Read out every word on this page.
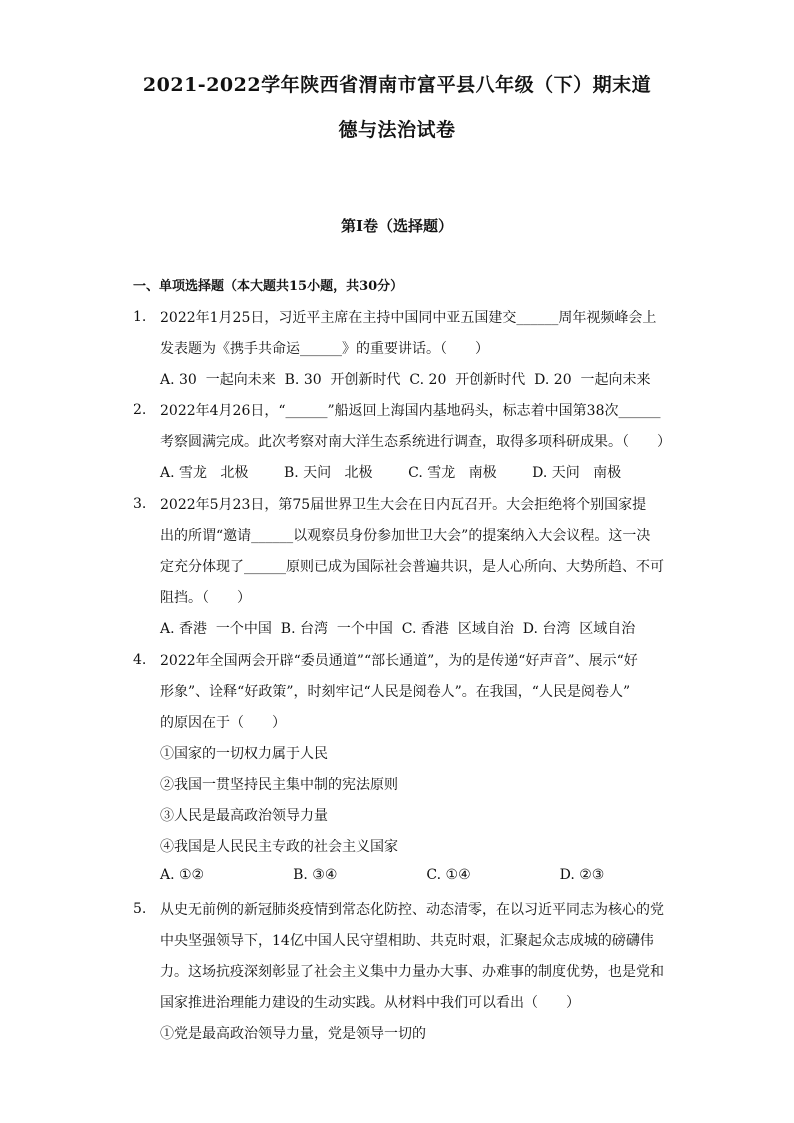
2021-2022学年陕西省渭南市富平县八年级（下）期末道
德与法治试卷
第I卷（选择题）
一、单项选择题（本大题共15小题，共30分）
1. 2022年1月25日，习近平主席在主持中国同中亚五国建交______周年视频峰会上
发表题为《携手共命运______》的重要讲话。（　　）
A. 30  一起向未来  B. 30  开创新时代  C. 20  开创新时代  D. 20  一起向未来
2. 2022年4月26日，“______”船返回上海国内基地码头，标志着中国第38次______
考察圆满完成。此次考察对南大洋生态系统进行调查，取得多项科研成果。（　　）
A. 雪龙   北极        B. 天问   北极        C. 雪龙   南极        D. 天问   南极
3. 2022年5月23日，第75届世界卫生大会在日内瓦召开。大会拒绝将个别国家提
出的所谓“邀请______以观察员身份参加世卫大会”的提案纳入大会议程。这一决
定充分体现了______原则已成为国际社会普遍共识，是人心所向、大势所趋、不可
阻挡。（　　）
A. 香港  一个中国  B. 台湾  一个中国  C. 香港  区域自治  D. 台湾  区域自治
4. 2022年全国两会开辟“委员通道”“部长通道”，为的是传递“好声音”、展示“好
形象”、诠释“好政策”，时刻牢记“人民是阅卷人”。在我国，“人民是阅卷人”
的原因在于（　　）
①国家的一切权力属于人民
②我国一贯坚持民主集中制的宪法原则
③人民是最高政治领导力量
④我国是人民民主专政的社会主义国家
A. ①②                    B. ③④                    C. ①④                    D. ②③
5. 从史无前例的新冠肺炎疫情到常态化防控、动态清零，在以习近平同志为核心的党
中央坚强领导下，14亿中国人民守望相助、共克时艰，汇聚起众志成城的磅礴伟
力。这场抗疫深刻彰显了社会主义集中力量办大事、办难事的制度优势，也是党和
国家推进治理能力建设的生动实践。从材料中我们可以看出（　　）
①党是最高政治领导力量，党是领导一切的
